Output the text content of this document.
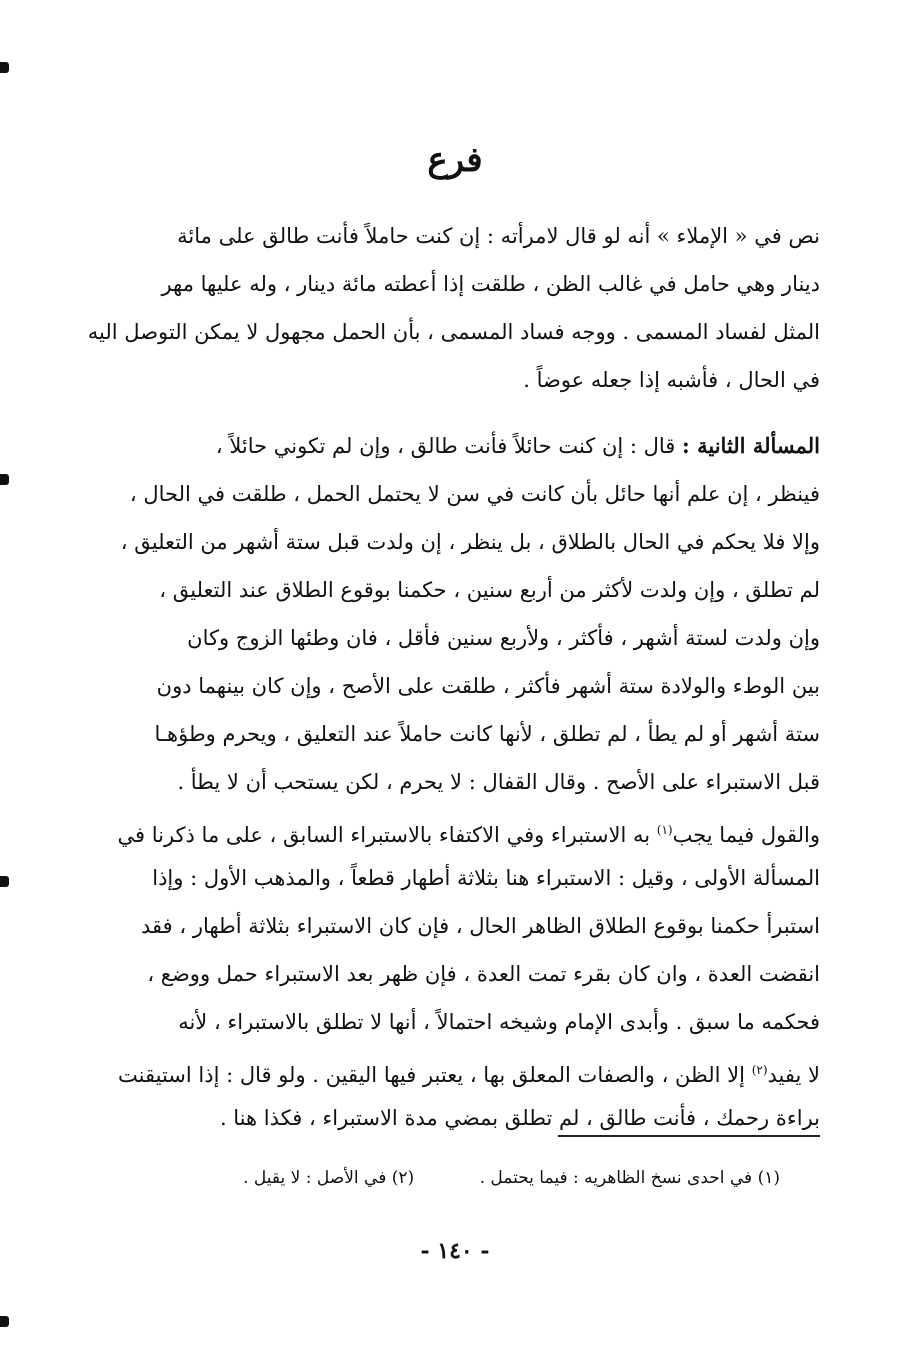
فرع
نص في « الإملاء » أنه لو قال لامرأته : إن كنت حاملاً فأنت طالق على مائة
دينار وهي حامل في غالب الظن ، طلقت إذا أعطته مائة دينار ، وله عليها مهر
المثل لفساد المسمى . ووجه فساد المسمى ، بأن الحمل مجهول لا يمكن التوصل اليه
في الحال ، فأشبه إذا جعله عوضاً .
المسألة الثانية : قال : إن كنت حائلاً فأنت طالق ، وإن لم تكوني حائلاً ،
فينظر ، إن علم أنها حائل بأن كانت في سن لا يحتمل الحمل ، طلقت في الحال ،
وإلا فلا يحكم في الحال بالطلاق ، بل ينظر ، إن ولدت قبل ستة أشهر من التعليق ،
لم تطلق ، وإن ولدت لأكثر من أربع سنين ، حكمنا بوقوع الطلاق عند التعليق ،
وإن ولدت لستة أشهر ، فأكثر ، ولأربع سنين فأقل ، فان وطئها الزوج وكان
بين الوطء والولادة ستة أشهر فأكثر ، طلقت على الأصح ، وإن كان بينهما دون
ستة أشهر أو لم يطأ ، لم تطلق ، لأنها كانت حاملاً عند التعليق ، ويحرم وطؤهـا
قبل الاستبراء على الأصح . وقال القفال : لا يحرم ، لكن يستحب أن لا يطأ .
والقول فيما يجب$^{(١)}$ به الاستبراء وفي الاكتفاء بالاستبراء السابق ، على ما ذكرنا في
المسألة الأولى ، وقيل : الاستبراء هنا بثلاثة أطهار قطعاً ، والمذهب الأول : وإذا
استبرأ حكمنا بوقوع الطلاق الظاهر الحال ، فإن كان الاستبراء بثلاثة أطهار ، فقد
انقضت العدة ، وان كان بقرء تمت العدة ، فإن ظهر بعد الاستبراء حمل ووضع ،
فحكمه ما سبق . وأبدى الإمام وشيخه احتمالاً ، أنها لا تطلق بالاستبراء ، لأنه
لا يفيد$^{(٢)}$ إلا الظن ، والصفات المعلق بها ، يعتبر فيها اليقين . ولو قال : إذا استيقنت
براءة رحمك ، فأنت طالق ، لم تطلق بمضي مدة الاستبراء ، فكذا هنا .
(١) في احدى نسخ الظاهريه : فيما يحتمل . (٢) في الأصل : لا يقيل .
- ١٤٠ -
